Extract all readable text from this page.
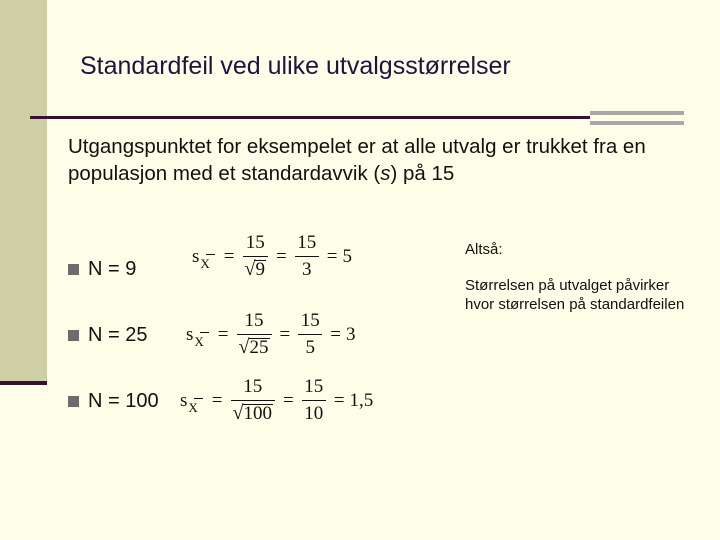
Standardfeil ved ulike utvalgsstørrelser
Utgangspunktet for eksempelet er at alle utvalg er trukket fra en populasjon med et standardavvik (s) på 15
N = 9
$s_X = \frac{15}{√ 9} = \frac{15}{3} = 5$
N = 25 $s_X = \frac{15}{√ 25} = \frac{15}{5} = 3$
N = 100 $s_X = \frac{15}{√ 100} = \frac{15}{10} = 1,5$
Altså:
Størrelsen på utvalget påvirker hvor størrelsen på standardfeilen
